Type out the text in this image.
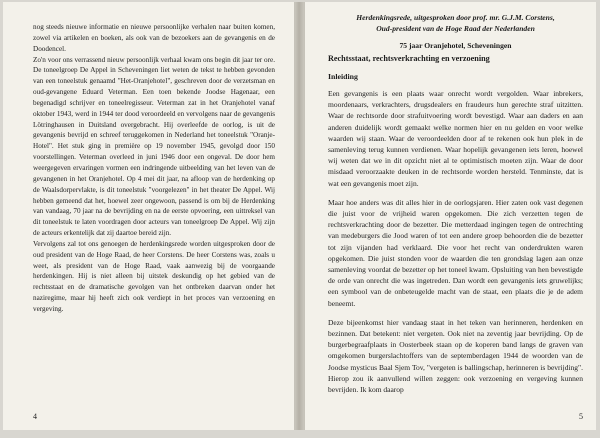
nog steeds nieuwe informatie en nieuwe persoonlijke verhalen naar buiten komen, zowel via artikelen en boeken, als ook van de bezoekers aan de gevangenis en de Doodencel.

Zo'n voor ons verrassend nieuw persoonlijk verhaal kwam ons begin dit jaar ter ore. De toneelgroep De Appel in Scheveningen liet weten de tekst te hebben gevonden van een toneelstuk genaamd "Het-Oranjehotel", geschreven door de verzetsman en oud-gevangene Eduard Veterman. Een toen bekende Joodse Hagenaar, een begenadigd schrijver en toneelregisseur. Veterman zat in het Oranjehotel vanaf oktober 1943, werd in 1944 ter dood veroordeeld en vervolgens naar de gevangenis Lötringhausen in Duitsland overgebracht. Hij overleefde de oorlog, is uit de gevangenis bevrijd en schreef teruggekomen in Nederland het toneelstuk "Oranje-Hotel". Het stuk ging in première op 19 november 1945, gevolgd door 150 voorstellingen. Veterman overleed in juni 1946 door een ongeval. De door hem weergegeven ervaringen vormen een indringende uitbeelding van het leven van de gevangenen in het Oranjehotel. Op 4 mei dit jaar, na afloop van de herdenking op de Waalsdorpervlakte, is dit toneelstuk "voorgelezen" in het theater De Appel. Wij hebben gemeend dat het, hoewel zeer ongewoon, passend is om bij de Herdenking van vandaag, 70 jaar na de bevrijding en na de eerste opvoering, een uittreksel van dit toneelstuk te laten voordragen door acteurs van toneelgroep De Appel. Wij zijn de acteurs erkentelijk dat zij daartoe bereid zijn.

Vervolgens zal tot ons genoegen de herdenkingsrede worden uitgesproken door de oud president van de Hoge Raad, de heer Corstens. De heer Corstens was, zoals u weet, als president van de Hoge Raad, vaak aanwezig bij de voorgaande herdenkingen. Hij is niet alleen bij uitstek deskundig op het gebied van de rechtsstaat en de dramatische gevolgen van het ontbreken daarvan onder het naziregime, maar hij heeft zich ook verdiept in het proces van verzoening en vergeving.

4

Herdenkingsrede, uitgesproken door prof. mr. G.J.M. Corstens,

Oud-president van de Hoge Raad der Nederlanden

75 jaar Oranjehotel, Scheveningen

Rechtsstaat, rechtsverkrachting en verzoening

Inleiding

Een gevangenis is een plaats waar onrecht wordt vergolden. Waar inbrekers, moordenaars, verkrachters, drugsdealers en fraudeurs hun gerechte straf uitzitten. Waar de rechtsorde door strafuitvoering wordt bevestigd. Waar aan daders en aan anderen duidelijk wordt gemaakt welke normen hier en nu gelden en voor welke waarden wij staan. Waar de veroordeelden door af te rekenen ook hun plek in de samenleving terug kunnen verdienen. Waar hopelijk gevangenen iets leren, hoewel wij weten dat we in dit opzicht niet al te optimistisch moeten zijn. Waar de door misdaad veroorzaakte deuken in de rechtsorde worden hersteld. Tenminste, dat is wat een gevangenis moet zijn.

Maar hoe anders was dit alles hier in de oorlogsjaren. Hier zaten ook vast degenen die juist voor de vrijheid waren opgekomen. Die zich verzetten tegen de rechtsverkrachting door de bezetter. Die metterdaad ingingen tegen de ontrechting van medeburgers die Jood waren of tot een andere groep behoorden die de bezetter tot zijn vijanden had verklaard. Die voor het recht van onderdrukten waren opgekomen. Die juist stonden voor de waarden die ten grondslag lagen aan onze samenleving voordat de bezetter op het toneel kwam. Opsluiting van hen bevestigde de orde van onrecht die was ingetreden. Dan wordt een gevangenis iets gruwelijks; een symbool van de onbeteugelde macht van de staat, een plaats die je de adem beneemt.

Deze bijeenkomst hier vandaag staat in het teken van herinneren, herdenken en bezinnen. Dat betekent: niet vergeten. Ook niet na zeventig jaar bevrijding. Op de burgerbegraafplaats in Oosterbeek staan op de koperen band langs de graven van omgekomen burgerslachtoffers van de septemberdagen 1944 de woorden van de Joodse mysticus Baal Sjem Tov, "vergeten is ballingschap, herinneren is bevrijding". Hierop zou ik aanvullend willen zeggen: ook verzoening en vergeving kunnen bevrijden. Ik kom daarop

5
